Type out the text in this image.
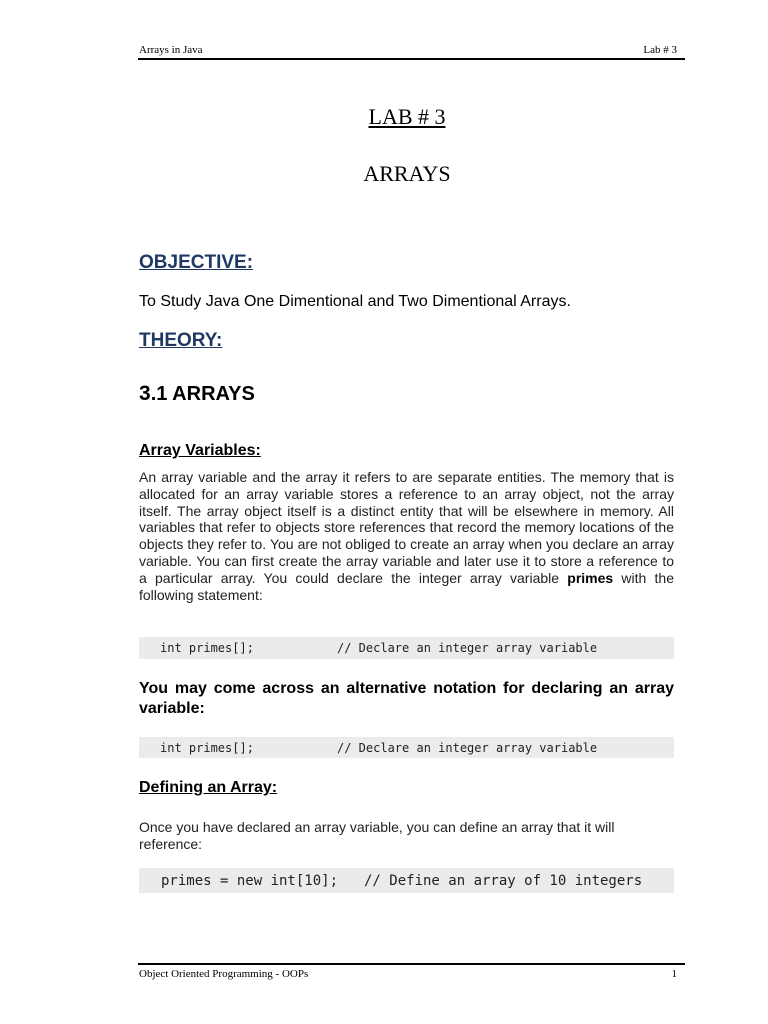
Arrays in Java	Lab # 3
LAB # 3
ARRAYS
OBJECTIVE:
To Study Java One Dimentional and Two Dimentional Arrays.
THEORY:
3.1 ARRAYS
Array Variables:
An array variable and the array it refers to are separate entities. The memory that is allocated for an array variable stores a reference to an array object, not the array itself. The array object itself is a distinct entity that will be elsewhere in memory. All variables that refer to objects store references that record the memory locations of the objects they refer to. You are not obliged to create an array when you declare an array variable. You can first create the array variable and later use it to store a reference to a particular array. You could declare the integer array variable primes with the following statement:

int primes[];

	// Declare an integer array variable

You may come across an alternative notation for declaring an array variable:

int primes[];

	// Declare an integer array variable

Defining an Array:
Once you have declared an array variable, you can define an array that it will reference:

primes = new int[10];

// Define an array of 10 integers

Object Oriented Programming - OOPs	1
